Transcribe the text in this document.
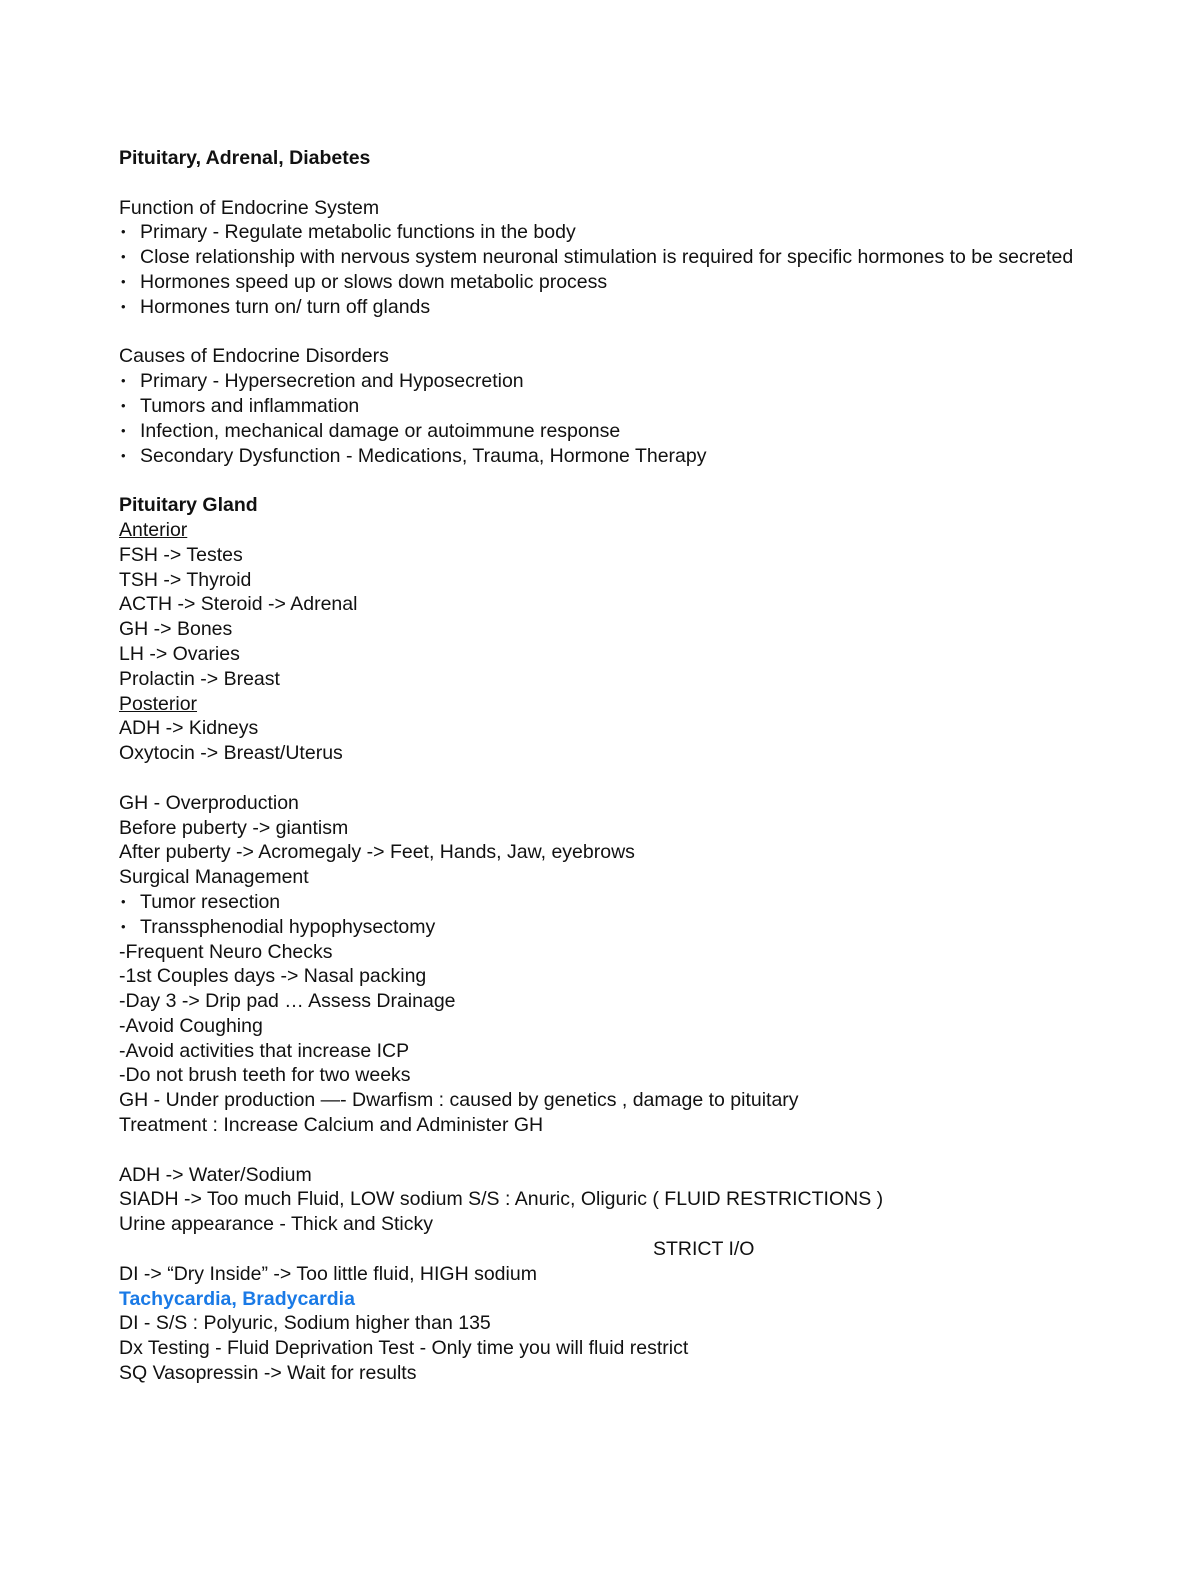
Pituitary, Adrenal, Diabetes
Function of Endocrine System
• Primary - Regulate metabolic functions in the body
• Close relationship with nervous system neuronal stimulation is required for specific hormones to be secreted
• Hormones speed up or slows down metabolic process
• Hormones turn on/ turn off glands
Causes of Endocrine Disorders
• Primary - Hypersecretion and Hyposecretion
• Tumors and inflammation
• Infection, mechanical damage or autoimmune response
• Secondary Dysfunction - Medications, Trauma, Hormone Therapy
Pituitary Gland
Anterior
FSH -> Testes
TSH -> Thyroid
ACTH -> Steroid -> Adrenal
GH -> Bones
LH -> Ovaries
Prolactin -> Breast
Posterior
ADH -> Kidneys
Oxytocin -> Breast/Uterus
GH - Overproduction
Before puberty -> giantism
After puberty -> Acromegaly -> Feet, Hands, Jaw, eyebrows
Surgical Management
• Tumor resection
• Transsphenodial hypophysectomy
-Frequent Neuro Checks
-1st Couples days -> Nasal packing
-Day 3 -> Drip pad … Assess Drainage
-Avoid Coughing
-Avoid activities that increase ICP
-Do not brush teeth for two weeks
GH - Under production —- Dwarfism : caused by genetics , damage to pituitary
Treatment : Increase Calcium and Administer GH
ADH -> Water/Sodium
SIADH -> Too much Fluid, LOW sodium S/S : Anuric, Oliguric ( FLUID RESTRICTIONS )
Urine appearance - Thick and Sticky
STRICT I/O
DI -> “Dry Inside” -> Too little fluid, HIGH sodium
Tachycardia, Bradycardia
DI - S/S : Polyuric, Sodium higher than 135
Dx Testing - Fluid Deprivation Test - Only time you will fluid restrict
SQ Vasopressin -> Wait for results
